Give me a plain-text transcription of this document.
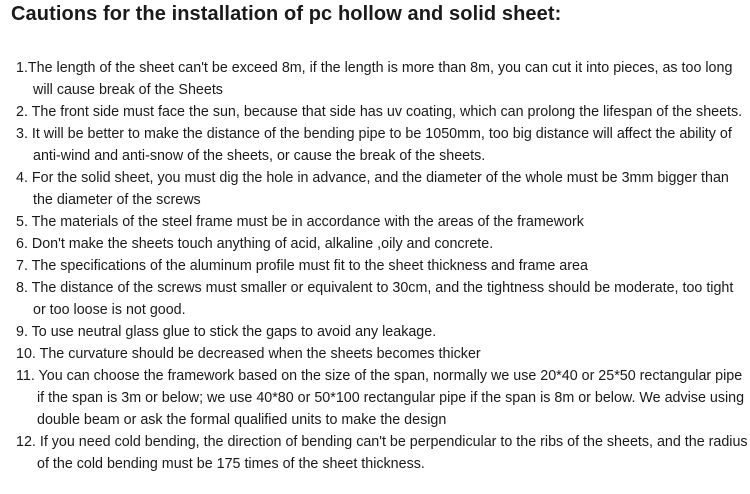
Cautions for the installation of pc hollow and solid sheet:
1.The length of the sheet can't be exceed 8m, if the length is more than 8m, you can cut it into pieces, as too long
will cause break of the Sheets
2. The front side must face the sun, because that side has uv coating, which can prolong the lifespan of the sheets.
3. It will be better to make the distance of the bending pipe to be 1050mm, too big distance will affect the ability of
anti-wind and anti-snow of the sheets, or cause the break of the sheets.
4. For the solid sheet, you must dig the hole in advance, and the diameter of the whole must be 3mm bigger than
the diameter of the screws
5. The materials of the steel frame must be in accordance with the areas of the framework
6. Don't make the sheets touch anything of acid, alkaline ,oily and concrete.
7. The specifications of the aluminum profile must fit to the sheet thickness and frame area
8. The distance of the screws must smaller or equivalent to 30cm, and the tightness should be moderate, too tight
or too loose is not good.
9. To use neutral glass glue to stick the gaps to avoid any leakage.
10. The curvature should be decreased when the sheets becomes thicker
11. You can choose the framework based on the size of the span, normally we use 20*40 or 25*50 rectangular pipe
if the span is 3m or below; we use 40*80 or 50*100 rectangular pipe if the span is 8m or below. We advise using
double beam or ask the formal qualified units to make the design
12. If you need cold bending, the direction of bending can't be perpendicular to the ribs of the sheets, and the radius
of the cold bending must be 175 times of the sheet thickness.
